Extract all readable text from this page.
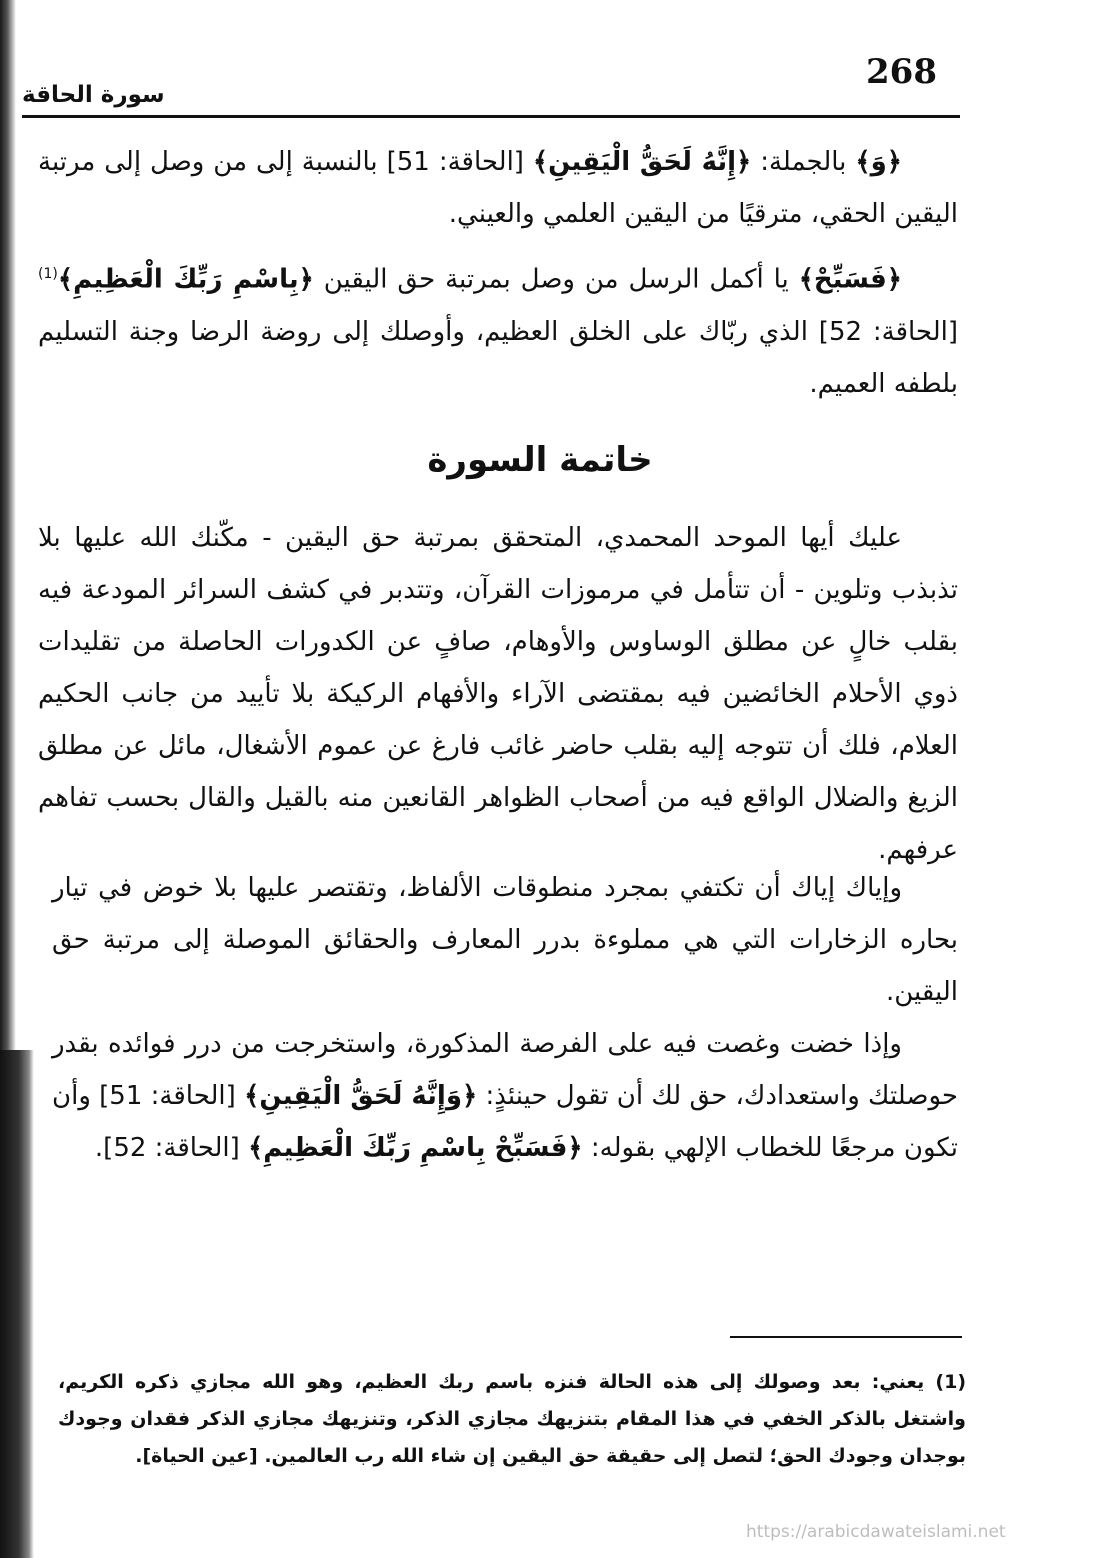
268
سورة الحاقة

﴿وَ﴾ بالجملة: ﴿إِنَّهُ لَحَقُّ الْيَقِينِ﴾ [الحاقة: 51] بالنسبة إلى من وصل إلى مرتبة اليقين الحقي، مترقيًا من اليقين العلمي والعيني.

﴿فَسَبِّحْ﴾ يا أكمل الرسل من وصل بمرتبة حق اليقين ﴿بِاسْمِ رَبِّكَ الْعَظِيمِ﴾$^{(1)}$ [الحاقة: 52] الذي ربّاك على الخلق العظيم، وأوصلك إلى روضة الرضا وجنة التسليم بلطفه العميم.

خاتمة السورة

عليك أيها الموحد المحمدي، المتحقق بمرتبة حق اليقين - مكّنك الله عليها بلا تذبذب وتلوين - أن تتأمل في مرموزات القرآن، وتتدبر في كشف السرائر المودعة فيه بقلب خالٍ عن مطلق الوساوس والأوهام، صافٍ عن الكدورات الحاصلة من تقليدات ذوي الأحلام الخائضين فيه بمقتضى الآراء والأفهام الركيكة بلا تأييد من جانب الحكيم العلام، فلك أن تتوجه إليه بقلب حاضر غائب فارغ عن عموم الأشغال، مائل عن مطلق الزيغ والضلال الواقع فيه من أصحاب الظواهر القانعين منه بالقيل والقال بحسب تفاهم عرفهم.

وإياك إياك أن تكتفي بمجرد منطوقات الألفاظ، وتقتصر عليها بلا خوض في تيار بحاره الزخارات التي هي مملوءة بدرر المعارف والحقائق الموصلة إلى مرتبة حق اليقين.

وإذا خضت وغصت فيه على الفرصة المذكورة، واستخرجت من درر فوائده بقدر حوصلتك واستعدادك، حق لك أن تقول حينئذٍ: ﴿وَإِنَّهُ لَحَقُّ الْيَقِينِ﴾ [الحاقة: 51] وأن تكون مرجعًا للخطاب الإلهي بقوله: ﴿فَسَبِّحْ بِاسْمِ رَبِّكَ الْعَظِيمِ﴾ [الحاقة: 52].

(1) يعني: بعد وصولك إلى هذه الحالة فنزه باسم ربك العظيم، وهو الله مجازي ذكره الكريم، واشتغل بالذكر الخفي في هذا المقام بتنزيهك مجازي الذكر، وتنزيهك مجازي الذكر فقدان وجودك بوجدان وجودك الحق؛ لتصل إلى حقيقة حق اليقين إن شاء الله رب العالمين. [عين الحياة].

https://arabicdawateislami.net
